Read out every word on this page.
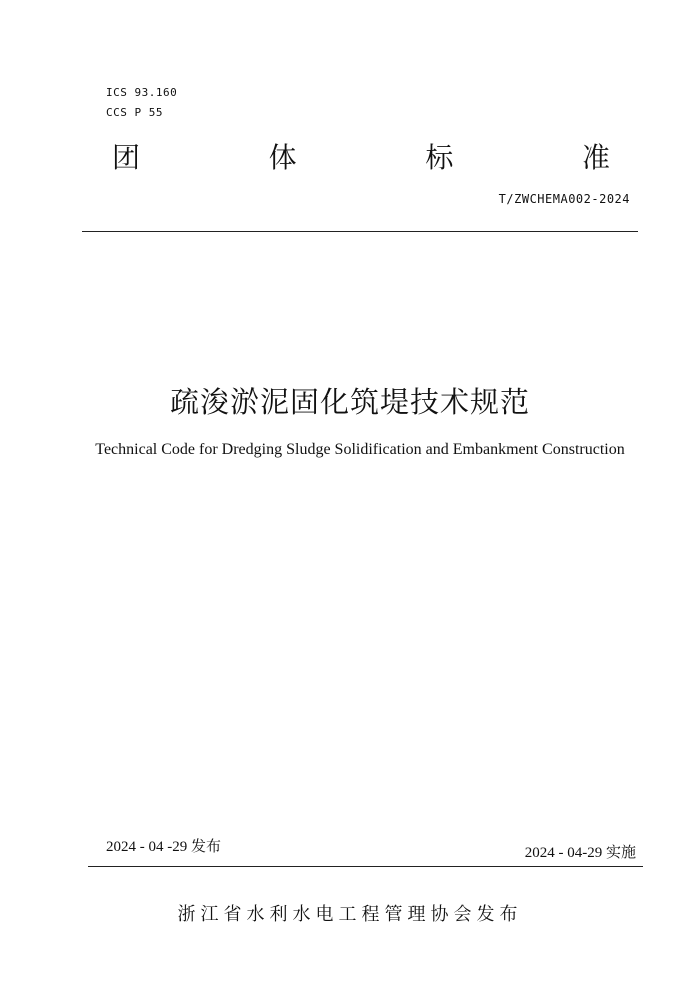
ICS 93.160
CCS P 55
团	体	标	准
T/ZWCHEMA002-2024
疏浚淤泥固化筑堤技术规范
Technical Code for Dredging Sludge Solidification and Embankment Construction
2024 - 04 -29 发布	2024 - 04-29 实施
浙江省水利水电工程管理协会发布
